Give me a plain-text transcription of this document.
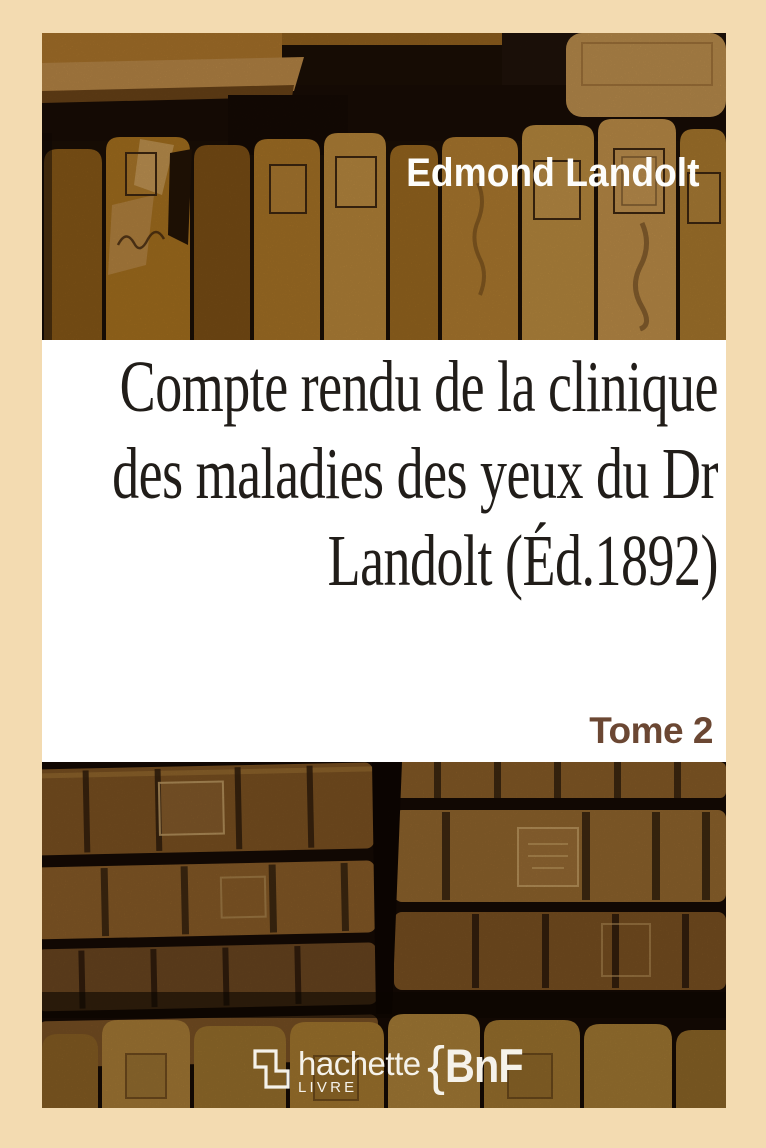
Edmond Landolt
Compte rendu de la clinique
des maladies des yeux du Dr
Landolt (Éd.1892)
Tome 2
hachette
LIVRE	{ BnF
